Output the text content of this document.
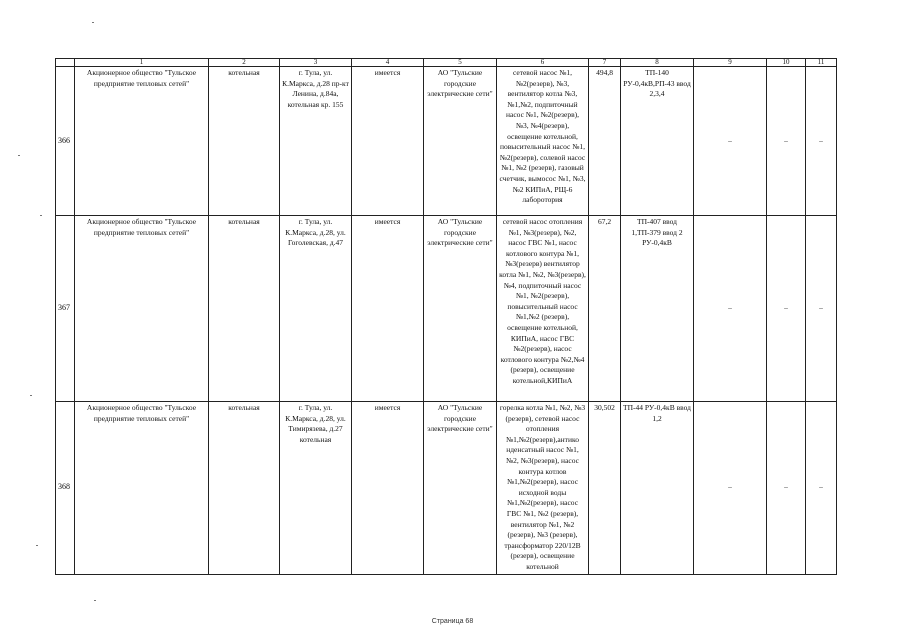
	1	2	3	4	5	6	7	8	9	10	11
366	Акционерное общество "Тульское предприятие тепловых сетей"	котельная	г. Тула, ул. К.Маркса, д.28 пр-кт Ленина, д.84а, котельная кр. 155	имеется	АО "Тульские городские электрические сети"	сетевой насос №1, №2(резерв), №3, вентилятор котла №3, №1,№2, подпиточный насос №1, №2(резерв), №3, №4(резерв), освещение котельной, повысительный насос №1, №2(резерв), солевой насос №1, №2 (резерв), газовый счетчик, вымосос №1, №3, №2 КИПиА, РЩ-6 лаборотория	494,8	ТП-140 РУ-0,4кВ,РП-43 ввод 2,3,4	–	–	–
367	Акционерное общество "Тульское предприятие тепловых сетей"	котельная	г. Тула, ул. К.Маркса, д.28, ул. Гоголевская, д.47	имеется	АО "Тульские городские электрические сети"	сетевой насос отопления №1, №3(резерв), №2, насос ГВС №1, насос котлового контура №1, №3(резерв) вентилятор котла №1, №2, №3(резерв), №4, подпиточный насос №1, №2(резерв), повысительный насос №1,№2 (резерв), освещение котельной, КИПиА, насос ГВС №2(резерв), насос котлового контура №2,№4 (резерв), освещение котельной,КИПиА	67,2	ТП-407 ввод 1,ТП-379 ввод 2 РУ-0,4кВ	–	–	–
368	Акционерное общество "Тульское предприятие тепловых сетей"	котельная	г. Тула, ул. К.Маркса, д.28, ул. Тимирязева, д.27 котельная	имеется	АО "Тульские городские электрические сети"	горелка котла №1, №2, №3 (резерв), сетевой насос отопления №1,№2(резерв),антико нденсатный насос №1, №2, №3(резерв), насос контура котлов №1,№2(резерв), насос исходной воды №1,№2(резерв), насос ГВС №1, №2 (резерв), вентилятор №1, №2 (резерв), №3 (резерв), трансформатор 220/12В (резерв), освещение котельной	30,502	ТП-44 РУ-0,4кВ ввод 1,2	–	–	–
Страница 68
